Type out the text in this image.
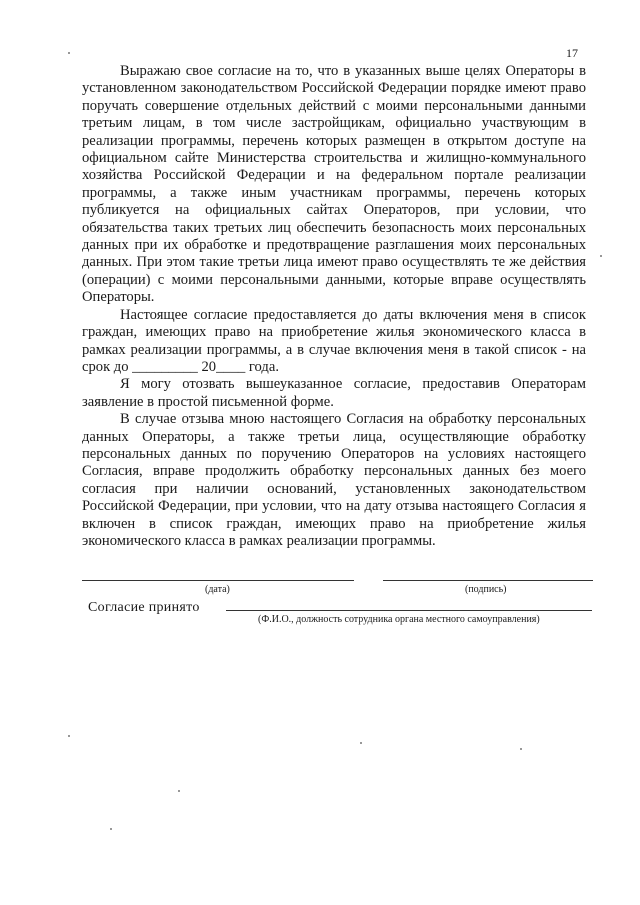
17

Выражаю свое согласие на то, что в указанных выше целях Операторы в установленном законодательством Российской Федерации порядке имеют право поручать совершение отдельных действий с моими персональными данными третьим лицам, в том числе застройщикам, официально участвующим в реализации программы, перечень которых размещен в открытом доступе на официальном сайте Министерства строительства и жилищно-коммунального хозяйства Российской Федерации и на федеральном портале реализации программы, а также иным участникам программы, перечень которых публикуется на официальных сайтах Операторов, при условии, что обязательства таких третьих лиц обеспечить безопасность моих персональных данных при их обработке и предотвращение разглашения моих персональных данных. При этом такие третьи лица имеют право осуществлять те же действия (операции) с моими персональными данными, которые вправе осуществлять Операторы.

Настоящее согласие предоставляется до даты включения меня в список граждан, имеющих право на приобретение жилья экономического класса в рамках реализации программы, а в случае включения меня в такой список - на срок до _________ 20____ года.

Я могу отозвать вышеуказанное согласие, предоставив Операторам заявление в простой письменной форме.

В случае отзыва мною настоящего Согласия на обработку персональных данных Операторы, а также третьи лица, осуществляющие обработку персональных данных по поручению Операторов на условиях настоящего Согласия, вправе продолжить обработку персональных данных без моего согласия при наличии оснований, установленных законодательством Российской Федерации, при условии, что на дату отзыва настоящего Согласия я включен в список граждан, имеющих право на приобретение жилья экономического класса в рамках реализации программы.

(дата)	(подпись)
Согласие принято
(Ф.И.О., должность сотрудника органа местного самоуправления)
